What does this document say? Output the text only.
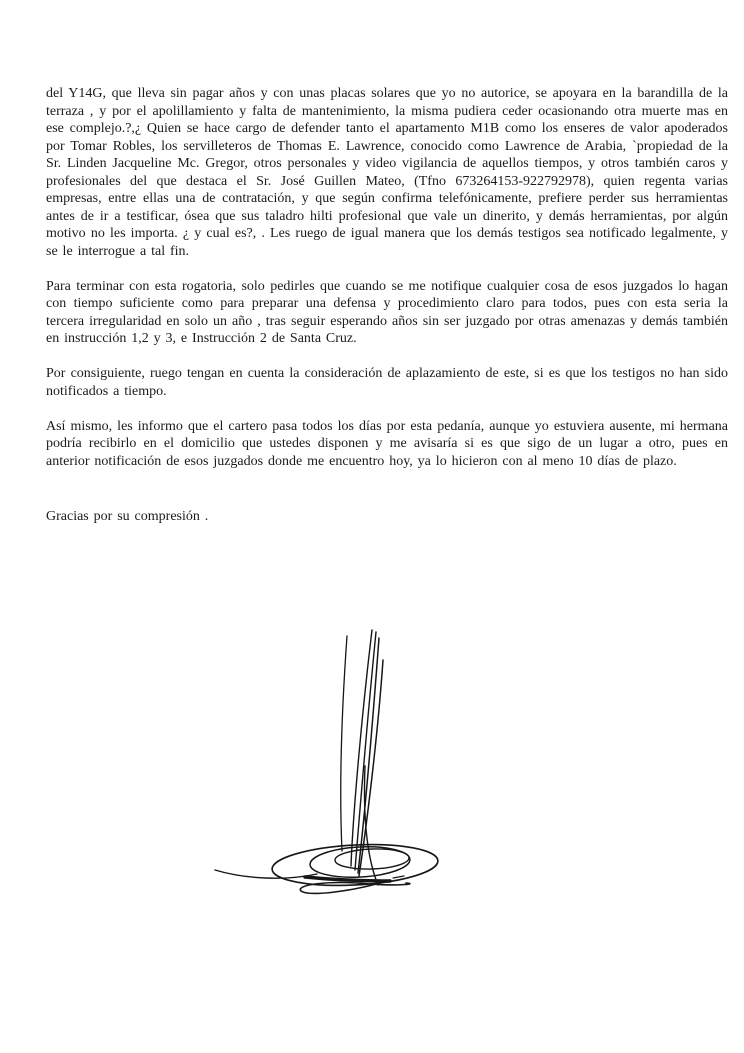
del Y14G, que lleva sin pagar años y con unas placas solares que yo no autorice, se apoyara en la barandilla de la terraza , y por el apolillamiento y falta de mantenimiento, la misma pudiera ceder ocasionando otra muerte mas en ese complejo.?,¿ Quien se hace cargo de defender tanto el apartamento M1B como los enseres de valor apoderados por Tomar Robles, los servilleteros de Thomas E. Lawrence, conocido como Lawrence de Arabia, `propiedad de la Sr. Linden Jacqueline Mc. Gregor, otros personales y video vigilancia de aquellos tiempos, y otros también caros y profesionales del que destaca el Sr. José Guillen Mateo, (Tfno 673264153-922792978), quien regenta varias empresas, entre ellas una de contratación, y que según confirma telefónicamente, prefiere perder sus herramientas antes de ir a testificar, ósea que sus taladro hilti profesional que vale un dinerito, y demás herramientas, por algún motivo no les importa. ¿ y cual es?, . Les ruego de igual manera que los demás testigos sea notificado legalmente, y se le interrogue a tal fin.

Para terminar con esta rogatoria, solo pedirles que cuando se me notifique cualquier cosa de esos juzgados lo hagan con tiempo suficiente como para preparar una defensa y procedimiento claro para todos, pues con esta seria la tercera irregularidad en solo un año , tras seguir esperando años sin ser juzgado por otras amenazas y demás también en instrucción 1,2 y 3, e Instrucción 2 de Santa Cruz.

Por consiguiente, ruego tengan en cuenta la consideración de aplazamiento de este, si es que los testigos no han sido notificados a tiempo.

Así mismo, les informo que el cartero pasa todos los días por esta pedanía, aunque yo estuviera ausente, mi hermana podría recibirlo en el domicilio que ustedes disponen y me avisaría si es que sigo de un lugar a otro, pues en anterior notificación de esos juzgados donde me encuentro hoy, ya lo hicieron con al meno 10 días de plazo.

Gracias por su compresión .
